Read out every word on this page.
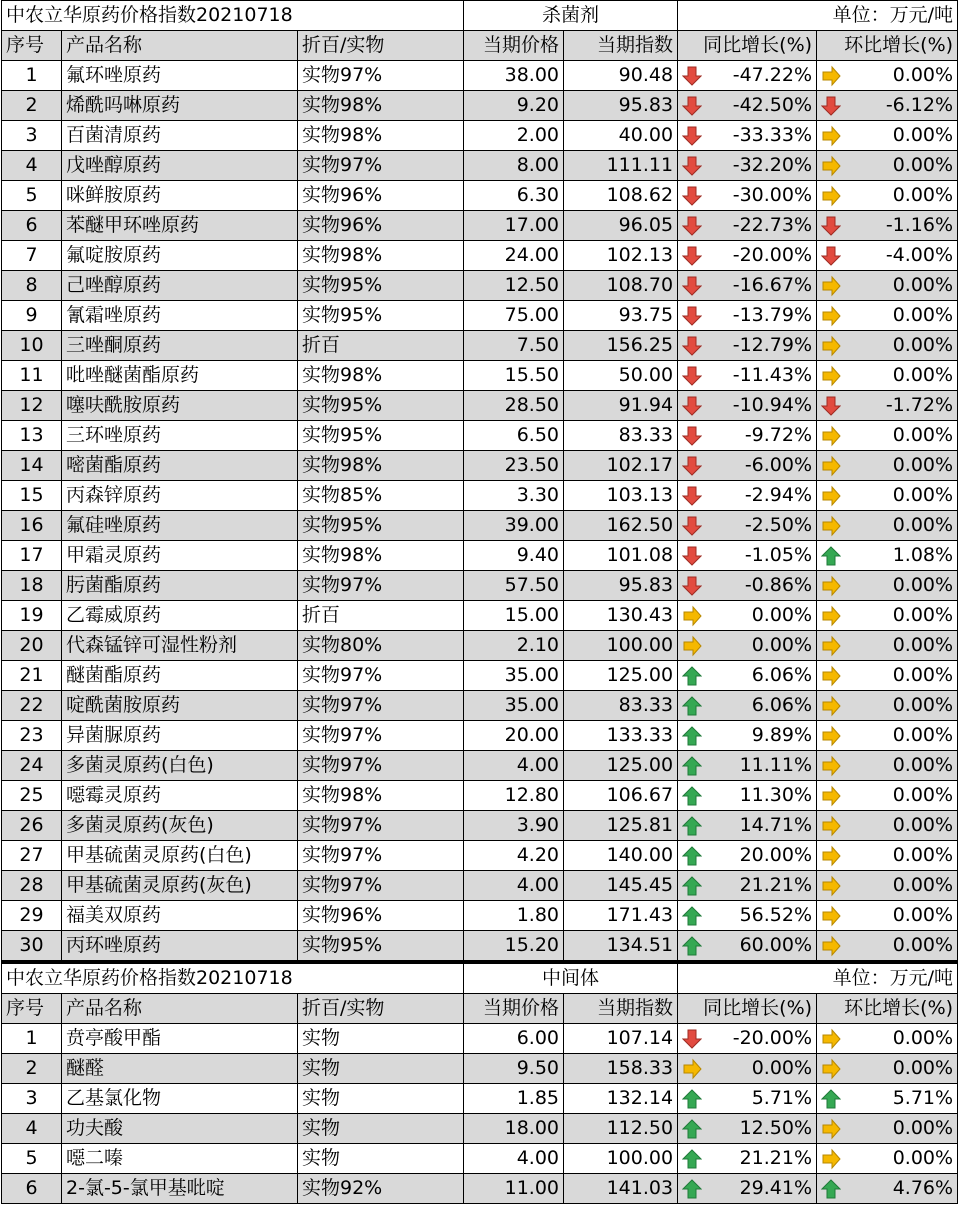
中农立华原药价格指数20210718			杀菌剂		单位：万元/吨	
序号	产品名称	折百/实物	当期价格	当期指数	同比增长(%)	环比增长(%)
1	氟环唑原药	实物97%	38.00	90.48	-47.22%	0.00%

2	烯酰吗啉原药	实物98%	9.20	95.83	-42.50%	-6.12%

3	百菌清原药	实物98%	2.00	40.00	-33.33%	0.00%

4	戊唑醇原药	实物97%	8.00	111.11	-32.20%	0.00%

5	咪鲜胺原药	实物96%	6.30	108.62	-30.00%	0.00%

6	苯醚甲环唑原药	实物96%	17.00	96.05	-22.73%	-1.16%

7	氟啶胺原药	实物98%	24.00	102.13	-20.00%	-4.00%

8	己唑醇原药	实物95%	12.50	108.70	-16.67%	0.00%

9	氰霜唑原药	实物95%	75.00	93.75	-13.79%	0.00%

10	三唑酮原药	折百	7.50	156.25	-12.79%	0.00%

11	吡唑醚菌酯原药	实物98%	15.50	50.00	-11.43%	0.00%

12	噻呋酰胺原药	实物95%	28.50	91.94	-10.94%	-1.72%

13	三环唑原药	实物95%	6.50	83.33	-9.72%	0.00%

14	嘧菌酯原药	实物98%	23.50	102.17	-6.00%	0.00%

15	丙森锌原药	实物85%	3.30	103.13	-2.94%	0.00%

16	氟硅唑原药	实物95%	39.00	162.50	-2.50%	0.00%

17	甲霜灵原药	实物98%	9.40	101.08	-1.05%	1.08%

18	肟菌酯原药	实物97%	57.50	95.83	-0.86%	0.00%

19	乙霉威原药	折百	15.00	130.43	0.00%	0.00%

20	代森锰锌可湿性粉剂	实物80%	2.10	100.00	0.00%	0.00%

21	醚菌酯原药	实物97%	35.00	125.00	6.06%	0.00%

22	啶酰菌胺原药	实物97%	35.00	83.33	6.06%	0.00%

23	异菌脲原药	实物97%	20.00	133.33	9.89%	0.00%

24	多菌灵原药(白色)	实物97%	4.00	125.00	11.11%	0.00%

25	噁霉灵原药	实物98%	12.80	106.67	11.30%	0.00%

26	多菌灵原药(灰色)	实物97%	3.90	125.81	14.71%	0.00%

27	甲基硫菌灵原药(白色)	实物97%	4.20	140.00	20.00%	0.00%

28	甲基硫菌灵原药(灰色)	实物97%	4.00	145.45	21.21%	0.00%

29	福美双原药	实物96%	1.80	171.43	56.52%	0.00%

30	丙环唑原药	实物95%	15.20	134.51	60.00%	0.00%
中农立华原药价格指数20210718			中间体		单位：万元/吨	
序号	产品名称	折百/实物	当期价格	当期指数	同比增长(%)	环比增长(%)
1	贲亭酸甲酯	实物	6.00	107.14	-20.00%	0.00%

2	醚醛	实物	9.50	158.33	0.00%	0.00%

3	乙基氯化物	实物	1.85	132.14	5.71%	5.71%

4	功夫酸	实物	18.00	112.50	12.50%	0.00%

5	噁二嗪	实物	4.00	100.00	21.21%	0.00%

6	2-氯-5-氯甲基吡啶	实物92%	11.00	141.03	29.41%	4.76%
